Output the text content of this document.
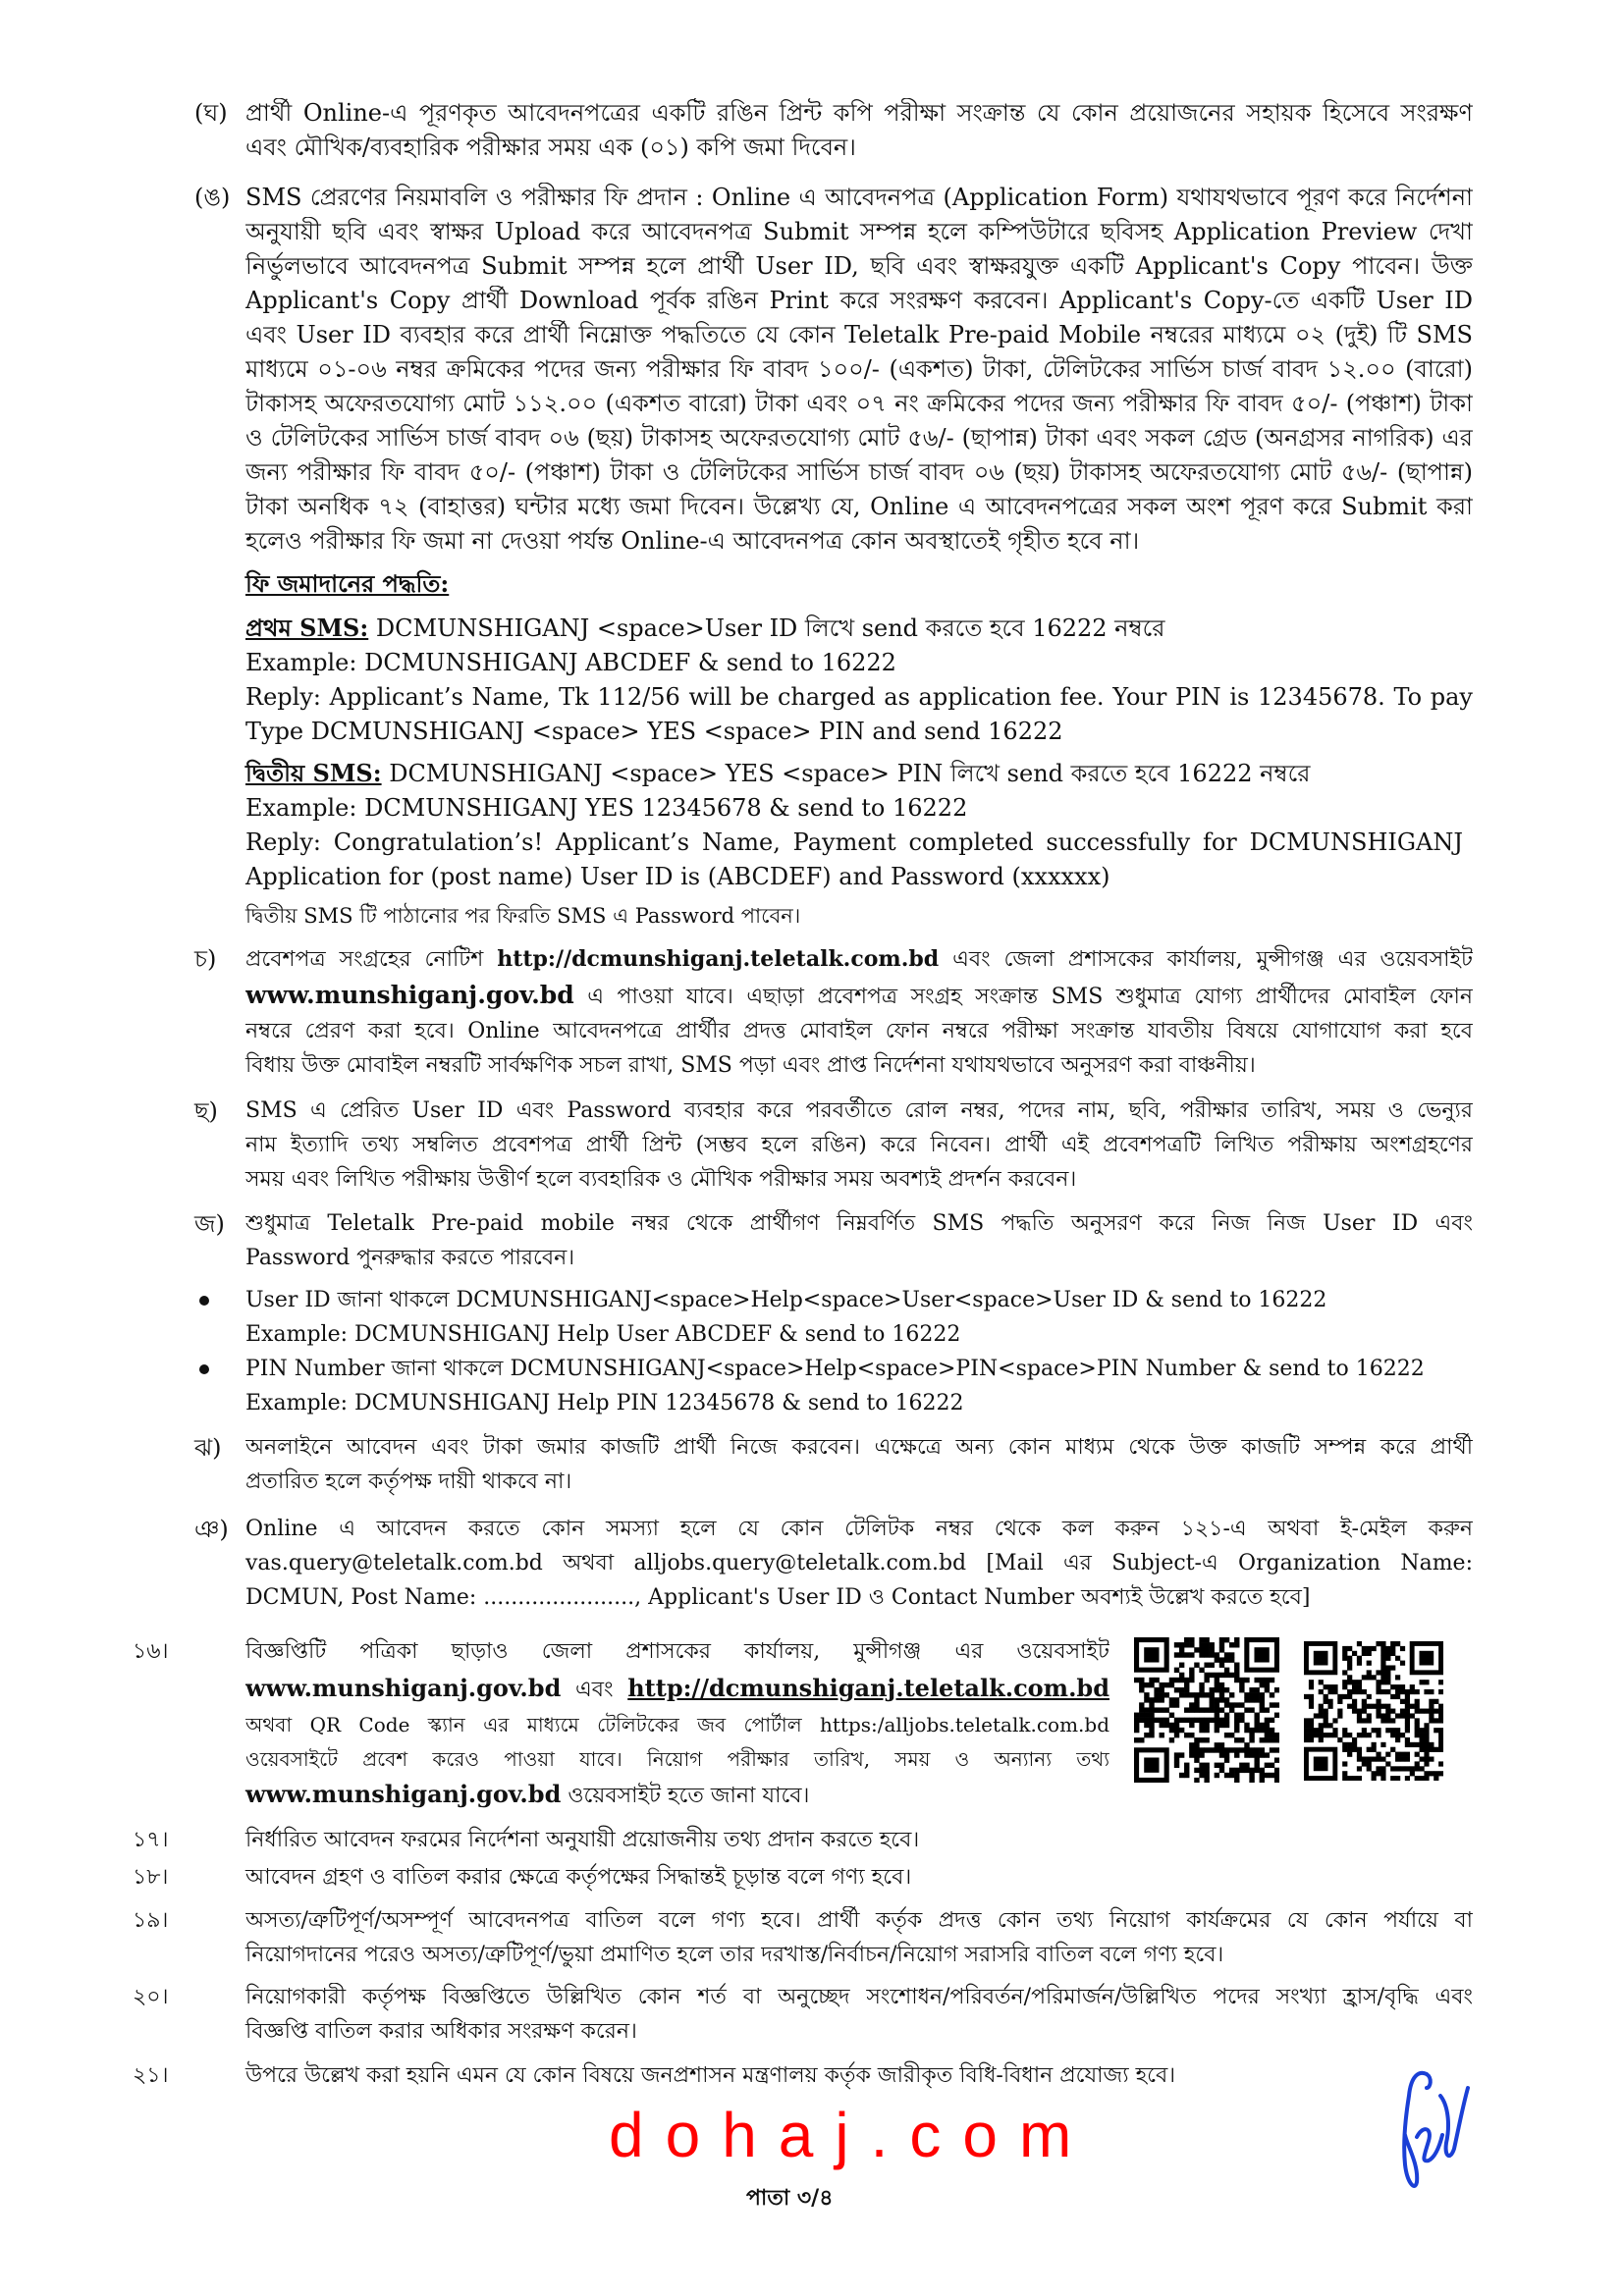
(ঘ) প্রার্থী Online-এ পূরণকৃত আবেদনপত্রের একটি রঙিন প্রিন্ট কপি পরীক্ষা সংক্রান্ত যে কোন প্রয়োজনের সহায়ক হিসেবে সংরক্ষণ
এবং মৌখিক/ব্যবহারিক পরীক্ষার সময় এক (০১) কপি জমা দিবেন।
(ঙ) SMS প্রেরণের নিয়মাবলি ও পরীক্ষার ফি প্রদান : Online এ আবেদনপত্র (Application Form) যথাযথভাবে পূরণ করে নির্দেশনা
অনুযায়ী ছবি এবং স্বাক্ষর Upload করে আবেদনপত্র Submit সম্পন্ন হলে কম্পিউটারে ছবিসহ Application Preview দেখা
নির্ভুলভাবে আবেদনপত্র Submit সম্পন্ন হলে প্রার্থী User ID, ছবি এবং স্বাক্ষরযুক্ত একটি Applicant's Copy পাবেন। উক্ত
Applicant's Copy প্রার্থী Download পূর্বক রঙিন Print করে সংরক্ষণ করবেন। Applicant's Copy-তে একটি User ID
এবং User ID ব্যবহার করে প্রার্থী নিম্নোক্ত পদ্ধতিতে যে কোন Teletalk Pre-paid Mobile নম্বরের মাধ্যমে ০২ (দুই) টি SMS
মাধ্যমে ০১-০৬ নম্বর ক্রমিকের পদের জন্য পরীক্ষার ফি বাবদ ১০০/- (একশত) টাকা, টেলিটকের সার্ভিস চার্জ বাবদ ১২.০০ (বারো)
টাকাসহ অফেরতযোগ্য মোট ১১২.০০ (একশত বারো) টাকা এবং ০৭ নং ক্রমিকের পদের জন্য পরীক্ষার ফি বাবদ ৫০/- (পঞ্চাশ) টাকা
ও টেলিটকের সার্ভিস চার্জ বাবদ ০৬ (ছয়) টাকাসহ অফেরতযোগ্য মোট ৫৬/- (ছাপান্ন) টাকা এবং সকল গ্রেড (অনগ্রসর নাগরিক) এর
জন্য পরীক্ষার ফি বাবদ ৫০/- (পঞ্চাশ) টাকা ও টেলিটকের সার্ভিস চার্জ বাবদ ০৬ (ছয়) টাকাসহ অফেরতযোগ্য মোট ৫৬/- (ছাপান্ন)
টাকা অনধিক ৭২ (বাহাত্তর) ঘন্টার মধ্যে জমা দিবেন। উল্লেখ্য যে, Online এ আবেদনপত্রের সকল অংশ পূরণ করে Submit করা
হলেও পরীক্ষার ফি জমা না দেওয়া পর্যন্ত Online-এ আবেদনপত্র কোন অবস্থাতেই গৃহীত হবে না।
ফি জমাদানের পদ্ধতি:
প্রথম SMS: DCMUNSHIGANJ <space>User ID লিখে send করতে হবে 16222 নম্বরে
Example: DCMUNSHIGANJ ABCDEF & send to 16222
Reply: Applicant’s Name, Tk 112/56 will be charged as application fee. Your PIN is 12345678. To pay
Type DCMUNSHIGANJ <space> YES <space> PIN and send 16222
দ্বিতীয় SMS: DCMUNSHIGANJ <space> YES <space> PIN লিখে send করতে হবে 16222 নম্বরে
Example: DCMUNSHIGANJ YES 12345678 & send to 16222
Reply: Congratulation’s! Applicant’s Name, Payment completed successfully for DCMUNSHIGANJ
Application for (post name) User ID is (ABCDEF) and Password (xxxxxx)
দ্বিতীয় SMS টি পাঠানোর পর ফিরতি SMS এ Password পাবেন।
চ) প্রবেশপত্র সংগ্রহের নোটিশ http://dcmunshiganj.teletalk.com.bd এবং জেলা প্রশাসকের কার্যালয়, মুন্সীগঞ্জ এর ওয়েবসাইট
www.munshiganj.gov.bd এ পাওয়া যাবে। এছাড়া প্রবেশপত্র সংগ্রহ সংক্রান্ত SMS শুধুমাত্র যোগ্য প্রার্থীদের মোবাইল ফোন
নম্বরে প্রেরণ করা হবে। Online আবেদনপত্রে প্রার্থীর প্রদত্ত মোবাইল ফোন নম্বরে পরীক্ষা সংক্রান্ত যাবতীয় বিষয়ে যোগাযোগ করা হবে
বিধায় উক্ত মোবাইল নম্বরটি সার্বক্ষণিক সচল রাখা, SMS পড়া এবং প্রাপ্ত নির্দেশনা যথাযথভাবে অনুসরণ করা বাঞ্চনীয়।
ছ) SMS এ প্রেরিত User ID এবং Password ব্যবহার করে পরবর্তীতে রোল নম্বর, পদের নাম, ছবি, পরীক্ষার তারিখ, সময় ও ভেন্যুর
নাম ইত্যাদি তথ্য সম্বলিত প্রবেশপত্র প্রার্থী প্রিন্ট (সম্ভব হলে রঙিন) করে নিবেন। প্রার্থী এই প্রবেশপত্রটি লিখিত পরীক্ষায় অংশগ্রহণের
সময় এবং লিখিত পরীক্ষায় উত্তীর্ণ হলে ব্যবহারিক ও মৌখিক পরীক্ষার সময় অবশ্যই প্রদর্শন করবেন।
জ) শুধুমাত্র Teletalk Pre-paid mobile নম্বর থেকে প্রার্থীগণ নিম্নবর্ণিত SMS পদ্ধতি অনুসরণ করে নিজ নিজ User ID এবং
Password পুনরুদ্ধার করতে পারবেন।
User ID জানা থাকলে DCMUNSHIGANJ<space>Help<space>User<space>User ID & send to 16222
Example: DCMUNSHIGANJ Help User ABCDEF & send to 16222
PIN Number জানা থাকলে DCMUNSHIGANJ<space>Help<space>PIN<space>PIN Number & send to 16222
Example: DCMUNSHIGANJ Help PIN 12345678 & send to 16222
ঝ) অনলাইনে আবেদন এবং টাকা জমার কাজটি প্রার্থী নিজে করবেন। এক্ষেত্রে অন্য কোন মাধ্যম থেকে উক্ত কাজটি সম্পন্ন করে প্রার্থী
প্রতারিত হলে কর্তৃপক্ষ দায়ী থাকবে না।
ঞ) Online এ আবেদন করতে কোন সমস্যা হলে যে কোন টেলিটক নম্বর থেকে কল করুন ১২১-এ অথবা ই-মেইল করুন
vas.query@teletalk.com.bd অথবা alljobs.query@teletalk.com.bd [Mail এর Subject-এ Organization Name:
DCMUN, Post Name: ......................, Applicant's User ID ও Contact Number অবশ্যই উল্লেখ করতে হবে]
১৬।	বিজ্ঞপ্তিটি পত্রিকা ছাড়াও জেলা প্রশাসকের কার্যালয়, মুন্সীগঞ্জ এর ওয়েবসাইট
www.munshiganj.gov.bd এবং http://dcmunshiganj.teletalk.com.bd
অথবা QR Code স্ক্যান এর মাধ্যমে টেলিটকের জব পোর্টাল https:/alljobs.teletalk.com.bd
ওয়েবসাইটে প্রবেশ করেও পাওয়া যাবে। নিয়োগ পরীক্ষার তারিখ, সময় ও অন্যান্য তথ্য
www.munshiganj.gov.bd ওয়েবসাইট হতে জানা যাবে।
১৭।	নির্ধারিত আবেদন ফরমের নির্দেশনা অনুযায়ী প্রয়োজনীয় তথ্য প্রদান করতে হবে।
১৮।	আবেদন গ্রহণ ও বাতিল করার ক্ষেত্রে কর্তৃপক্ষের সিদ্ধান্তই চূড়ান্ত বলে গণ্য হবে।
১৯।	অসত্য/ত্রুটিপূর্ণ/অসম্পূর্ণ আবেদনপত্র বাতিল বলে গণ্য হবে। প্রার্থী কর্তৃক প্রদত্ত কোন তথ্য নিয়োগ কার্যক্রমের যে কোন পর্যায়ে বা
নিয়োগদানের পরেও অসত্য/ত্রুটিপূর্ণ/ভুয়া প্রমাণিত হলে তার দরখাস্ত/নির্বাচন/নিয়োগ সরাসরি বাতিল বলে গণ্য হবে।
২০।	নিয়োগকারী কর্তৃপক্ষ বিজ্ঞপ্তিতে উল্লিখিত কোন শর্ত বা অনুচ্ছেদ সংশোধন/পরিবর্তন/পরিমার্জন/উল্লিখিত পদের সংখ্যা হ্রাস/বৃদ্ধি এবং
বিজ্ঞপ্তি বাতিল করার অধিকার সংরক্ষণ করেন।
২১।	উপরে উল্লেখ করা হয়নি এমন যে কোন বিষয়ে জনপ্রশাসন মন্ত্রণালয় কর্তৃক জারীকৃত বিধি-বিধান প্রযোজ্য হবে।
dohaj.com
পাতা ৩/৪
